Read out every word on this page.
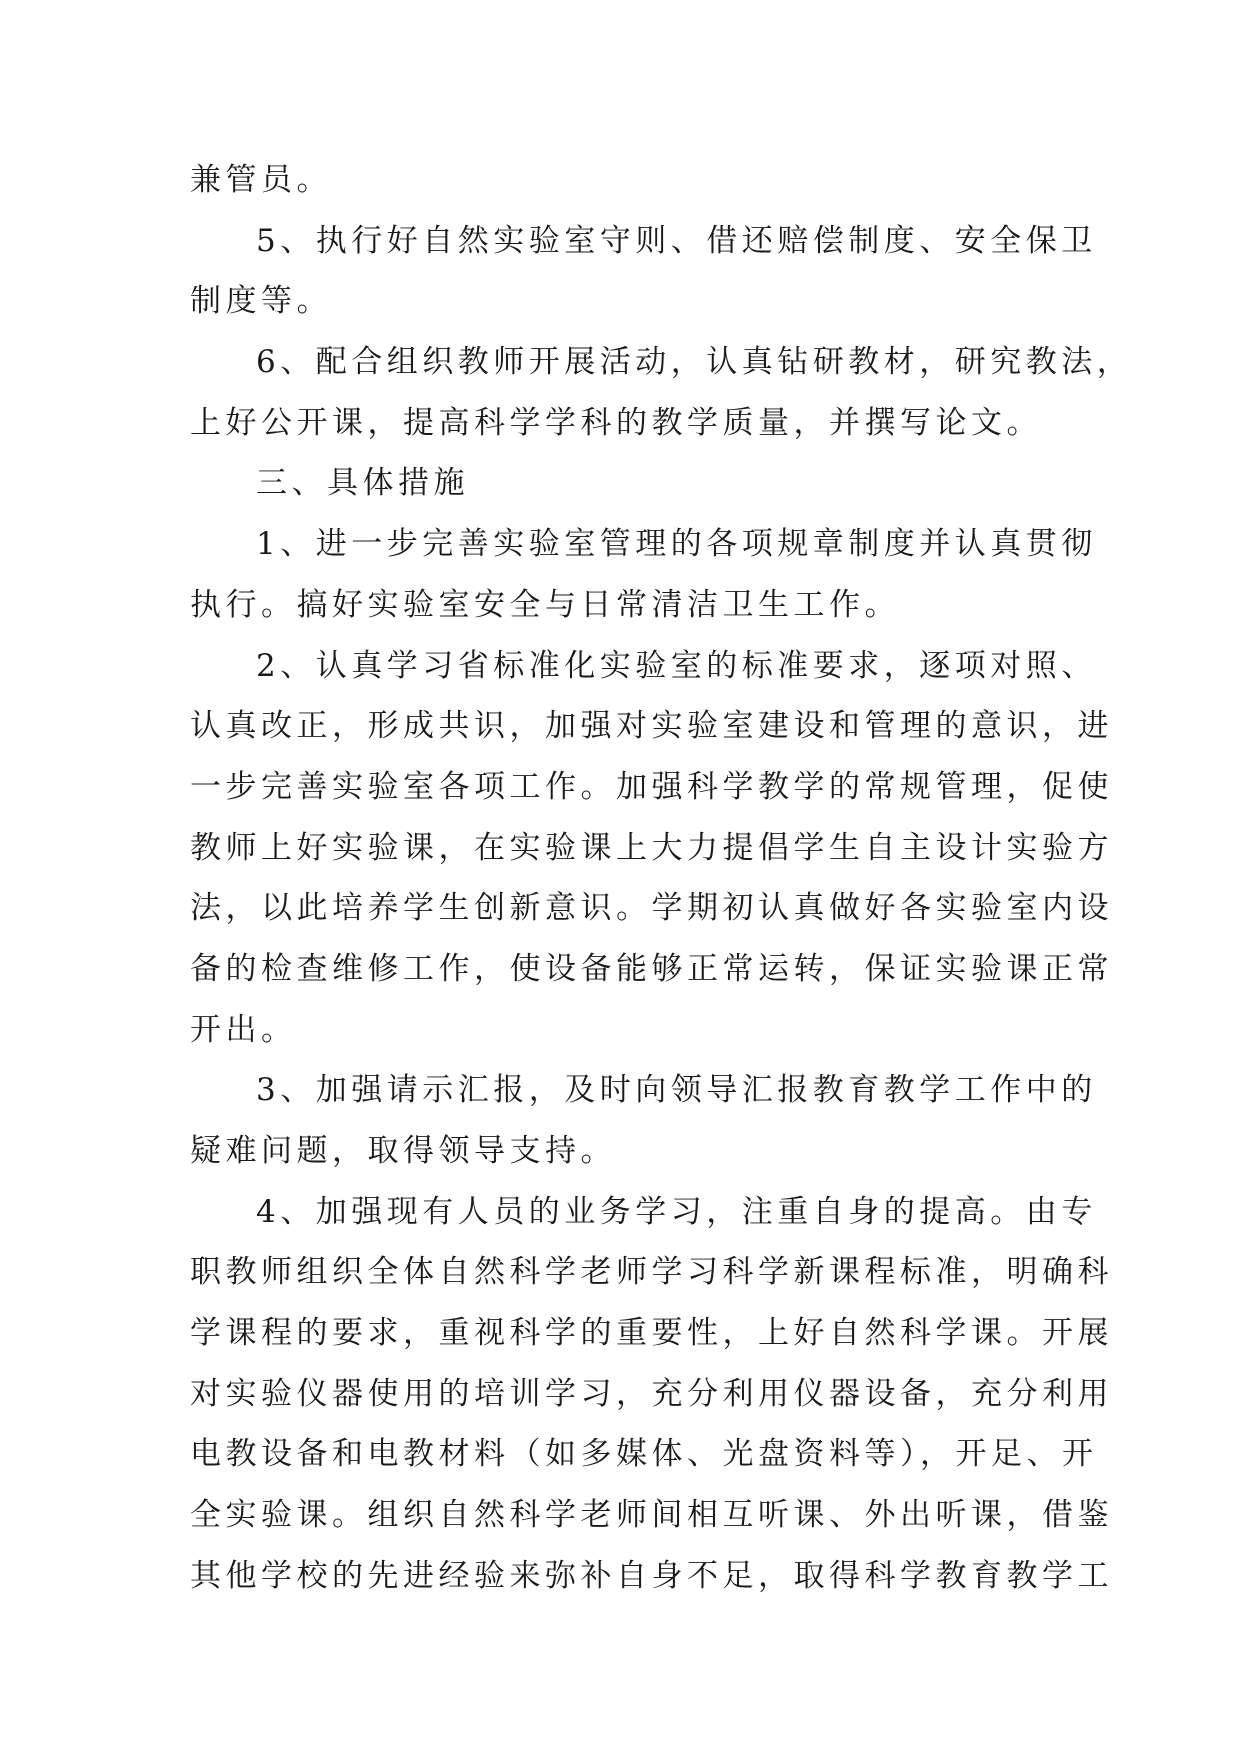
兼管员。
5、执行好自然实验室守则、借还赔偿制度、安全保卫
制度等。
6、配合组织教师开展活动，认真钻研教材，研究教法，
上好公开课，提高科学学科的教学质量，并撰写论文。
三、具体措施
1、进一步完善实验室管理的各项规章制度并认真贯彻
执行。搞好实验室安全与日常清洁卫生工作。
2、认真学习省标准化实验室的标准要求，逐项对照、
认真改正，形成共识，加强对实验室建设和管理的意识，进
一步完善实验室各项工作。加强科学教学的常规管理，促使
教师上好实验课，在实验课上大力提倡学生自主设计实验方
法，以此培养学生创新意识。学期初认真做好各实验室内设
备的检查维修工作，使设备能够正常运转，保证实验课正常
开出。
3、加强请示汇报，及时向领导汇报教育教学工作中的
疑难问题，取得领导支持。
4、加强现有人员的业务学习，注重自身的提高。由专
职教师组织全体自然科学老师学习科学新课程标准，明确科
学课程的要求，重视科学的重要性，上好自然科学课。开展
对实验仪器使用的培训学习，充分利用仪器设备，充分利用
电教设备和电教材料（如多媒体、光盘资料等），开足、开
全实验课。组织自然科学老师间相互听课、外出听课，借鉴
其他学校的先进经验来弥补自身不足，取得科学教育教学工
